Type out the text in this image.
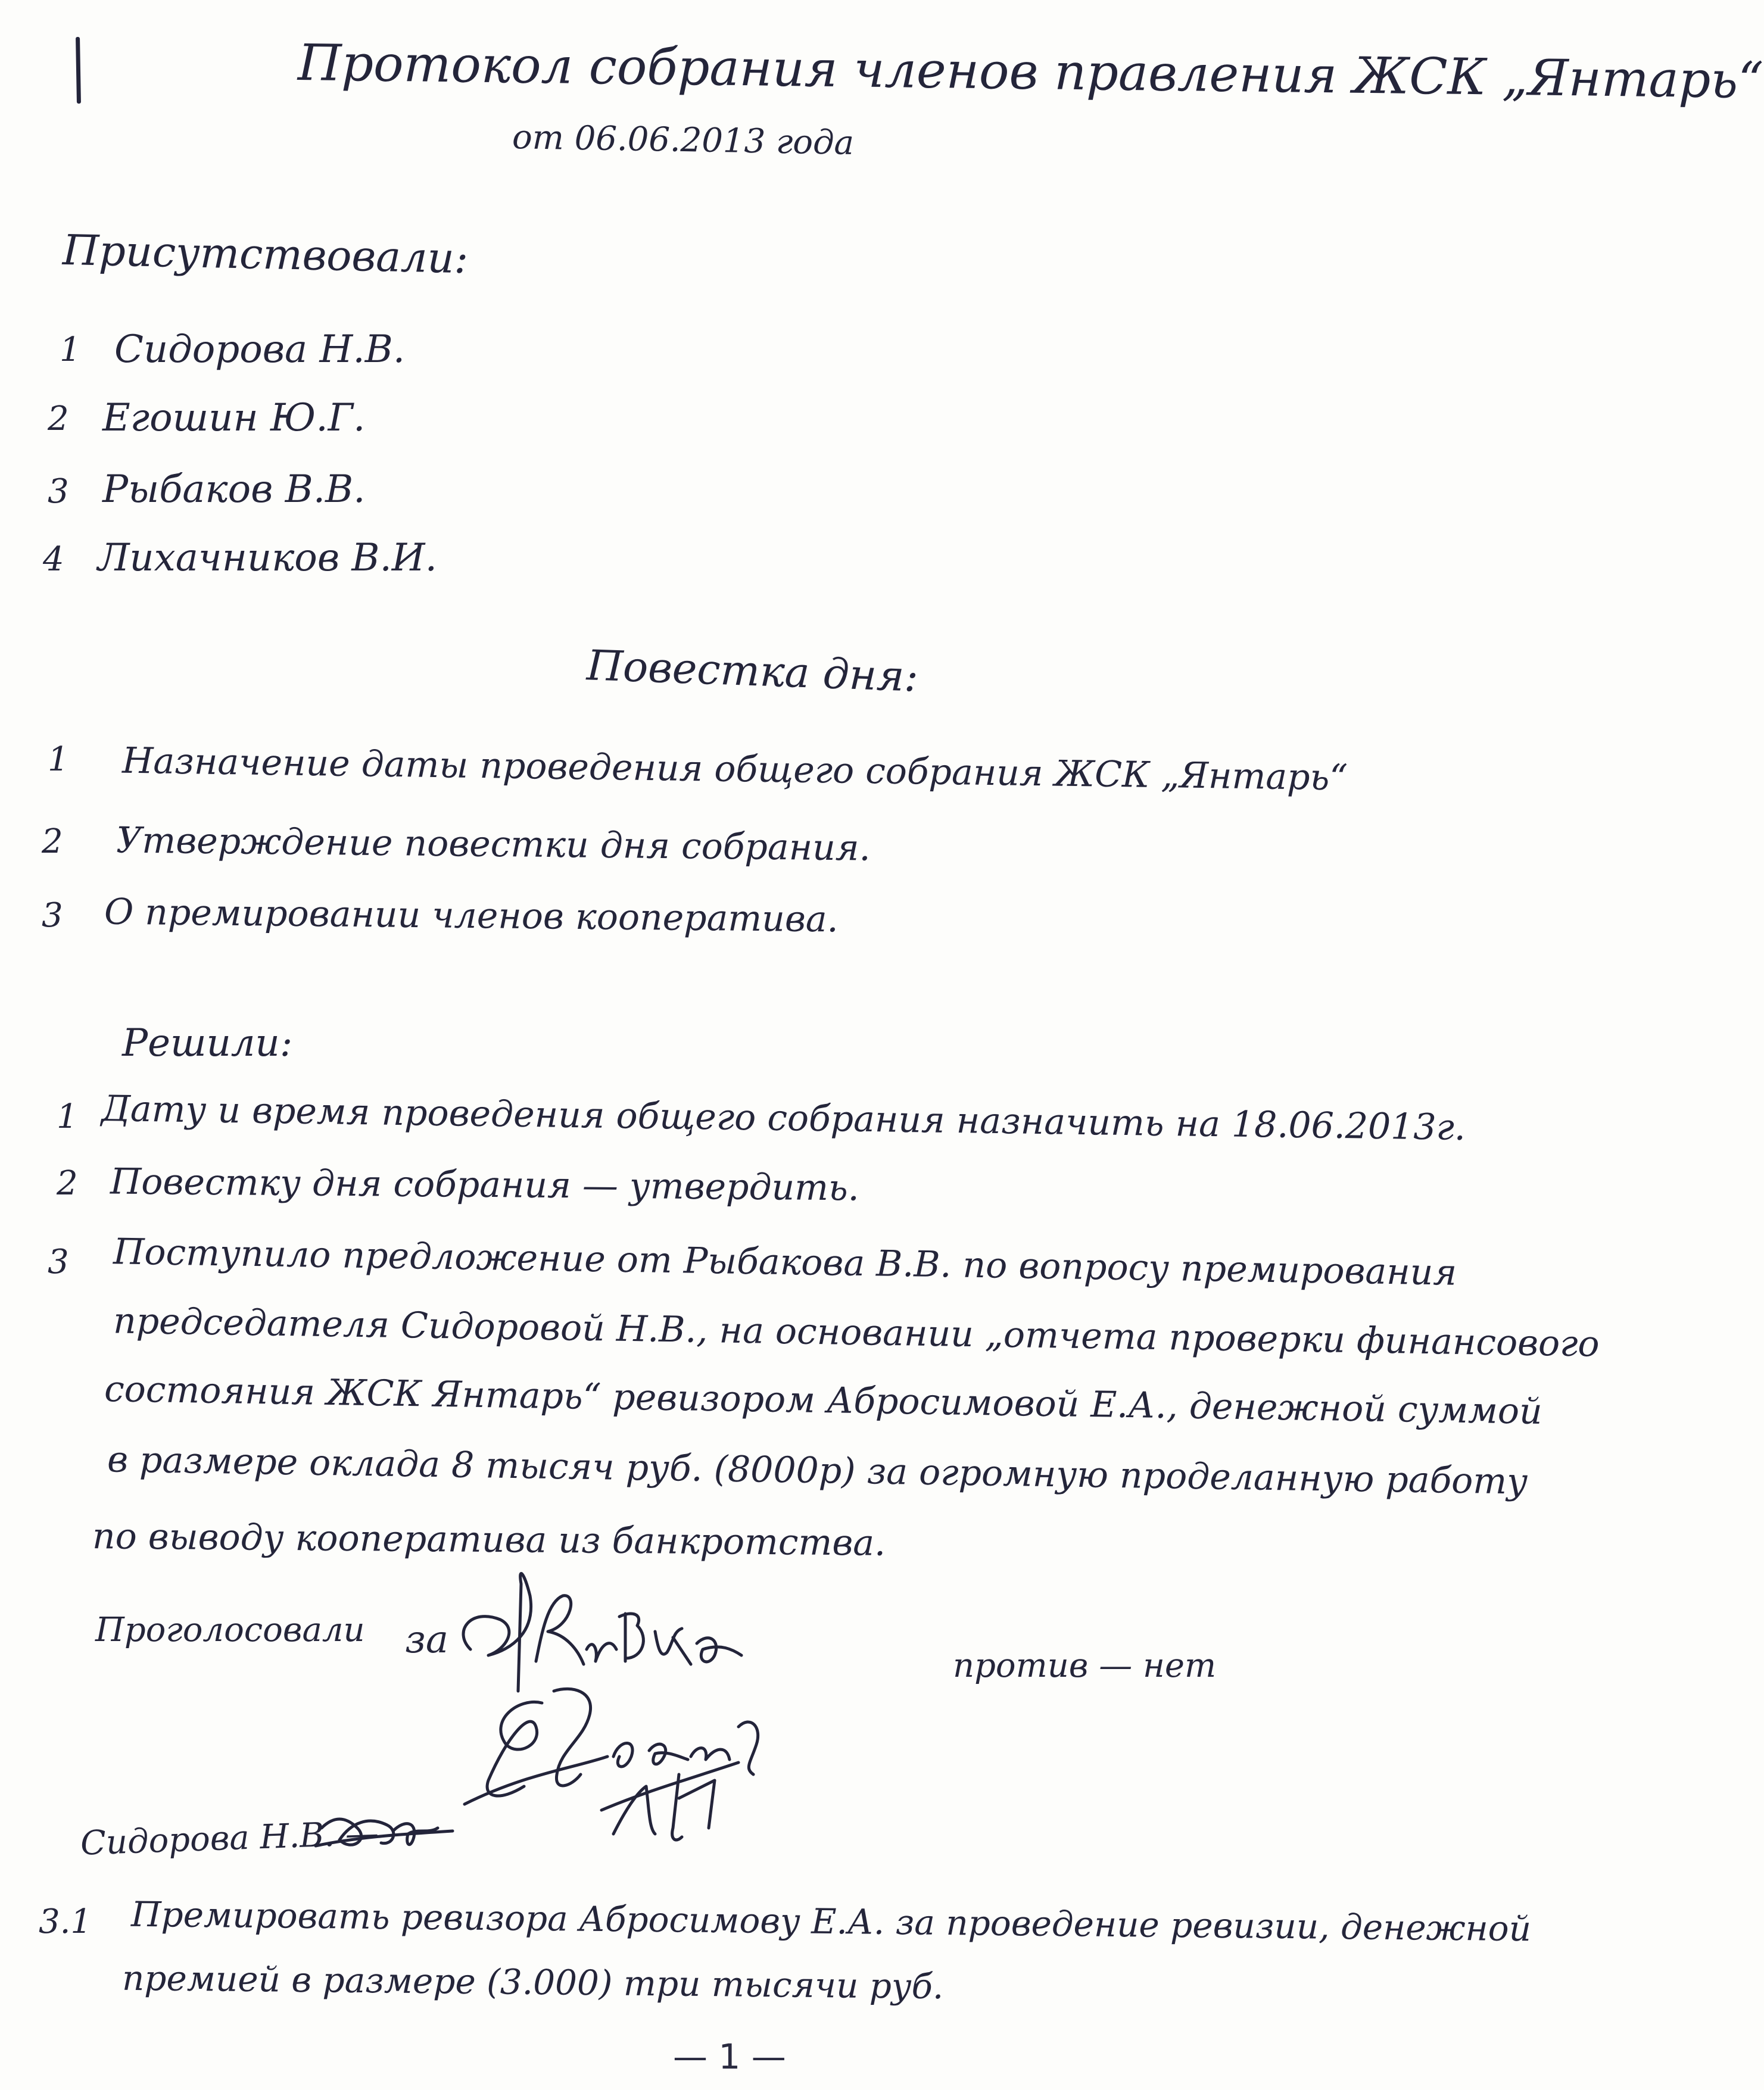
Протокол собрания членов правления ЖСК „Янтарь“
от 06.06.2013 года
Присутствовали:
1 Сидорова Н.В.
2 Егошин Ю.Г.
3 Рыбаков В.В.
4 Лихачников В.И.
Повестка дня:
1 Назначение даты проведения общего собрания ЖСК „Янтарь“
2 Утверждение повестки дня собрания.
3 О премировании членов кооператива.
Решили:
1 Дату и время проведения общего собрания назначить на 18.06.2013г.
2 Повестку дня собрания — утвердить.
3 Поступило предложение от Рыбакова В.В. по вопросу премирования
председателя Сидоровой Н.В., на основании „отчета проверки финансового
состояния ЖСК Янтарь“ ревизором Абросимовой Е.А., денежной суммой
в размере оклада 8 тысяч руб. (8000р) за огромную проделанную работу
по выводу кооператива из банкротства.
Проголосовали за
против — нет
Сидорова Н.В. —
3.1 Премировать ревизора Абросимову Е.А. за проведение ревизии, денежной
премией в размере (3.000) три тысячи руб.
— 1 —
